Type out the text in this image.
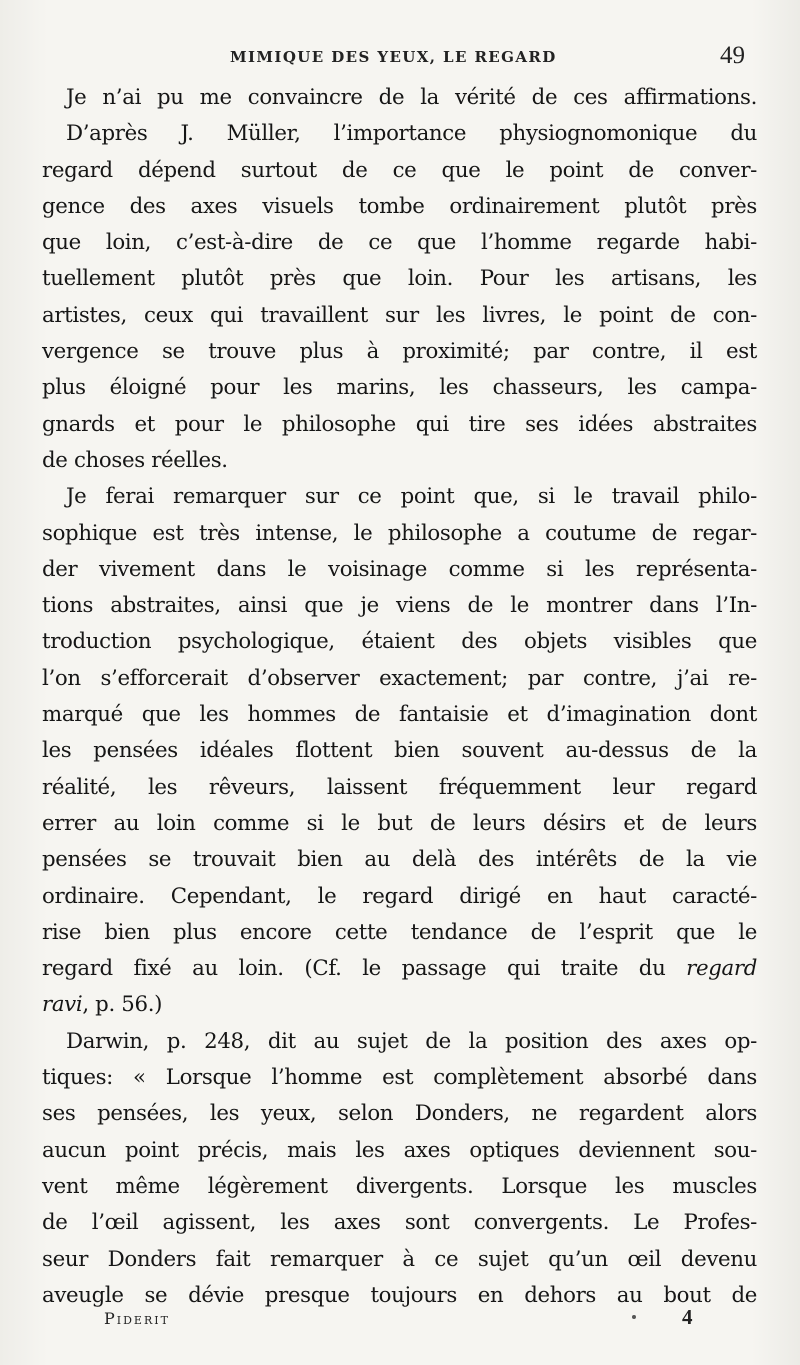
MIMIQUE DES YEUX, LE REGARD	49
Je n’ai pu me convaincre de la vérité de ces affirmations.
D’après J. Müller, l’importance physiognomonique du
regard dépend surtout de ce que le point de conver-
gence des axes visuels tombe ordinairement plutôt près
que loin, c’est-à-dire de ce que l’homme regarde habi-
tuellement plutôt près que loin. Pour les artisans, les
artistes, ceux qui travaillent sur les livres, le point de con-
vergence se trouve plus à proximité; par contre, il est
plus éloigné pour les marins, les chasseurs, les campa-
gnards et pour le philosophe qui tire ses idées abstraites
de choses réelles.
Je ferai remarquer sur ce point que, si le travail philo-
sophique est très intense, le philosophe a coutume de regar-
der vivement dans le voisinage comme si les représenta-
tions abstraites, ainsi que je viens de le montrer dans l’In-
troduction psychologique, étaient des objets visibles que
l’on s’efforcerait d’observer exactement; par contre, j’ai re-
marqué que les hommes de fantaisie et d’imagination dont
les pensées idéales flottent bien souvent au-dessus de la
réalité, les rêveurs, laissent fréquemment leur regard
errer au loin comme si le but de leurs désirs et de leurs
pensées se trouvait bien au delà des intérêts de la vie
ordinaire. Cependant, le regard dirigé en haut caracté-
rise bien plus encore cette tendance de l’esprit que le
regard fixé au loin. (Cf. le passage qui traite du regard
ravi, p. 56.)
Darwin, p. 248, dit au sujet de la position des axes op-
tiques: « Lorsque l’homme est complètement absorbé dans
ses pensées, les yeux, selon Donders, ne regardent alors
aucun point précis, mais les axes optiques deviennent sou-
vent même légèrement divergents. Lorsque les muscles
de l’œil agissent, les axes sont convergents. Le Profes-
seur Donders fait remarquer à ce sujet qu’un œil devenu
aveugle se dévie presque toujours en dehors au bout de
Piderit	4
